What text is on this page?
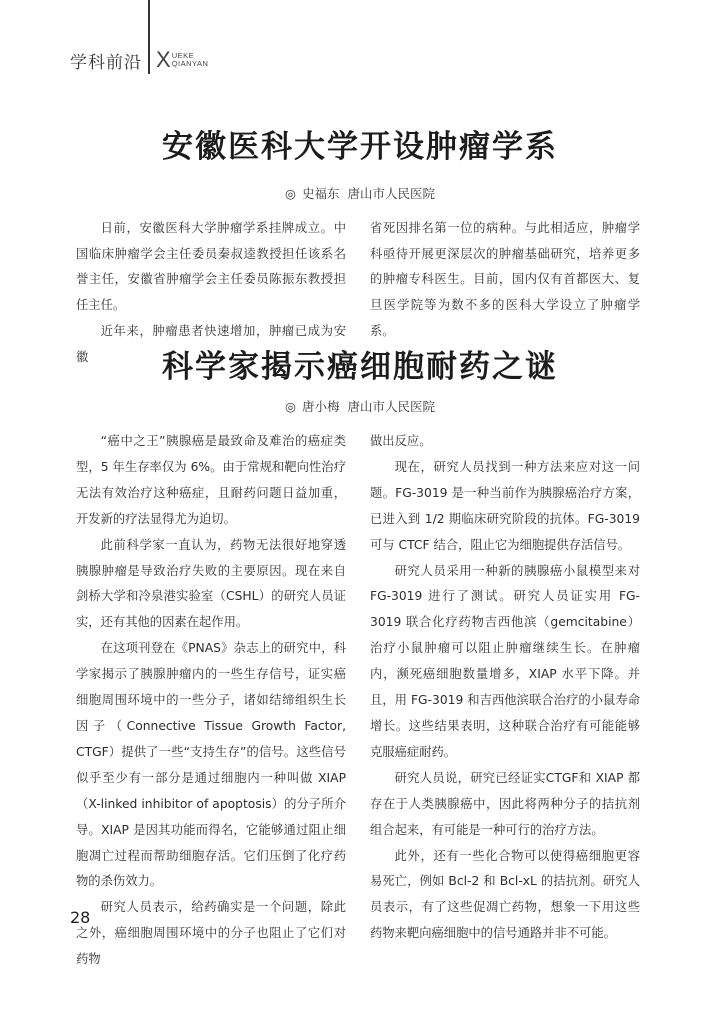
学科前沿 X UEKE
QIANYAN
安徽医科大学开设肿瘤学系
◎ 史福东 唐山市人民医院

日前，安徽医科大学肿瘤学系挂牌成立。中国临床肿瘤学会主任委员秦叔逵教授担任该系名誉主任，安徽省肿瘤学会主任委员陈振东教授担任主任。

近年来，肿瘤患者快速增加，肿瘤已成为安徽

省死因排名第一位的病种。与此相适应，肿瘤学科亟待开展更深层次的肿瘤基础研究，培养更多的肿瘤专科医生。目前，国内仅有首都医大、复旦医学院等为数不多的医科大学设立了肿瘤学系。

科学家揭示癌细胞耐药之谜
◎ 唐小梅 唐山市人民医院

“癌中之王”胰腺癌是最致命及难治的癌症类型，5 年生存率仅为 6%。由于常规和靶向性治疗无法有效治疗这种癌症，且耐药问题日益加重，开发新的疗法显得尤为迫切。

此前科学家一直认为，药物无法很好地穿透胰腺肿瘤是导致治疗失败的主要原因。现在来自剑桥大学和冷泉港实验室（CSHL）的研究人员证实，还有其他的因素在起作用。

在这项刊登在《PNAS》杂志上的研究中，科学家揭示了胰腺肿瘤内的一些生存信号，证实癌细胞周围环境中的一些分子，诸如结缔组织生长因子（Connective Tissue Growth Factor, CTGF）提供了一些“支持生存”的信号。这些信号似乎至少有一部分是通过细胞内一种叫做 XIAP（X-linked inhibitor of apoptosis）的分子所介导。XIAP 是因其功能而得名，它能够通过阻止细胞凋亡过程而帮助细胞存活。它们压倒了化疗药物的杀伤效力。

研究人员表示，给药确实是一个问题，除此之外，癌细胞周围环境中的分子也阻止了它们对药物

做出反应。

现在，研究人员找到一种方法来应对这一问题。FG-3019 是一种当前作为胰腺癌治疗方案，已进入到 1/2 期临床研究阶段的抗体。FG-3019 可与 CTCF 结合，阻止它为细胞提供存活信号。

研究人员采用一种新的胰腺癌小鼠模型来对 FG-3019 进行了测试。研究人员证实用 FG-3019 联合化疗药物吉西他滨（gemcitabine）治疗小鼠肿瘤可以阻止肿瘤继续生长。在肿瘤内，濒死癌细胞数量增多，XIAP 水平下降。并且，用 FG-3019 和吉西他滨联合治疗的小鼠寿命增长。这些结果表明，这种联合治疗有可能能够克服癌症耐药。

研究人员说，研究已经证实CTGF和 XIAP 都存在于人类胰腺癌中，因此将两种分子的拮抗剂组合起来，有可能是一种可行的治疗方法。

此外，还有一些化合物可以使得癌细胞更容易死亡，例如 Bcl-2 和 Bcl-xL 的拮抗剂。研究人员表示，有了这些促凋亡药物，想象一下用这些药物来靶向癌细胞中的信号通路并非不可能。

28
